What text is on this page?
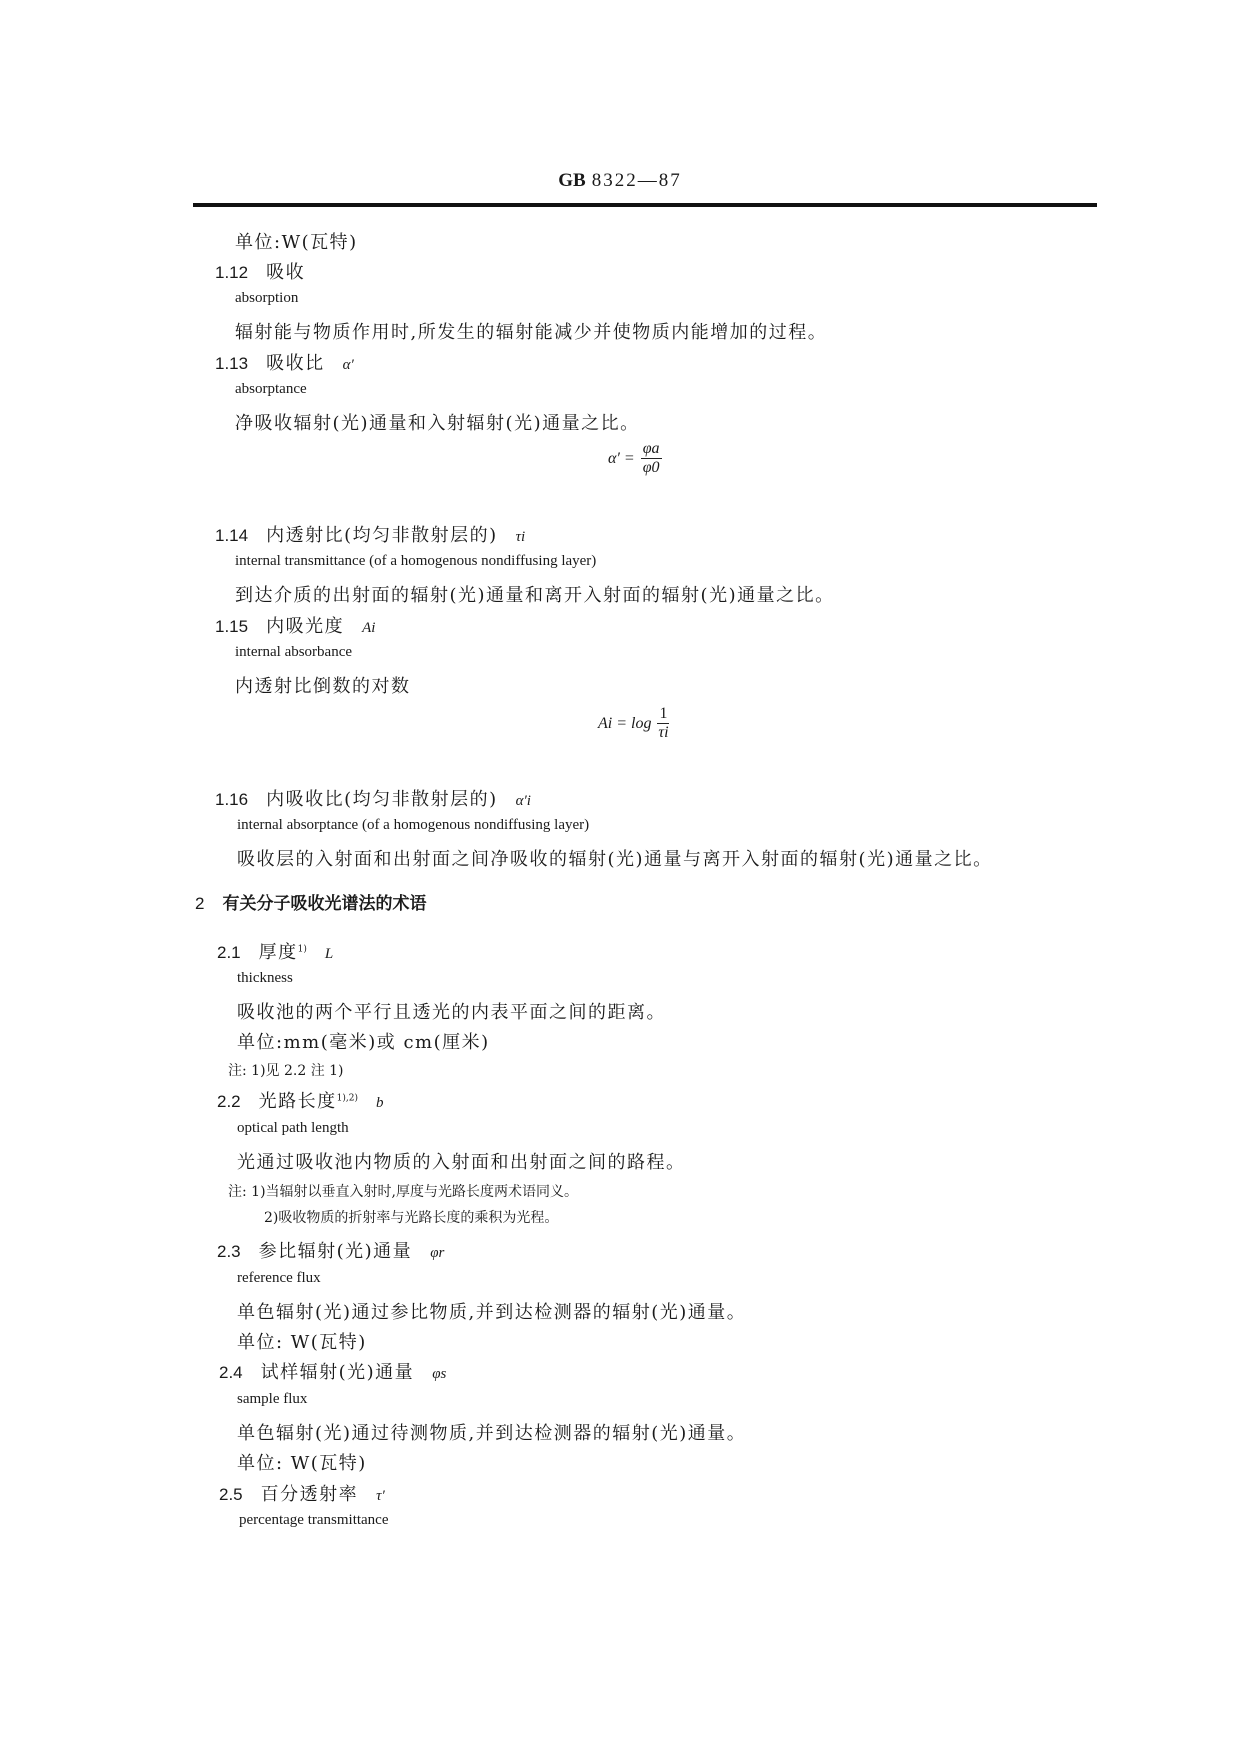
GB 8322—87
单位:W(瓦特)
1.12 吸收
absorption
辐射能与物质作用时,所发生的辐射能减少并使物质内能增加的过程。
1.13 吸收比 α′
absorptance
净吸收辐射(光)通量和入射辐射(光)通量之比。
$\alpha' = \frac{\varphi a}{\varphi 0}$
1.14 内透射比(均匀非散射层的) τi
internal transmittance (of a homogenous nondiffusing layer)
到达介质的出射面的辐射(光)通量和离开入射面的辐射(光)通量之比。
1.15 内吸光度 Ai
internal absorbance
内透射比倒数的对数
$Ai = \log \frac{1}{\tau i}$
1.16 内吸收比(均匀非散射层的) α′i
internal absorptance (of a homogenous nondiffusing layer)
吸收层的入射面和出射面之间净吸收的辐射(光)通量与离开入射面的辐射(光)通量之比。
2 有关分子吸收光谱法的术语
2.1 厚度$^{1)}$ L
thickness
吸收池的两个平行且透光的内表平面之间的距离。
单位:mm(毫米)或 cm(厘米)
注: 1)见 2.2 注 1)
2.2 光路长度$^{1),2)}$ b
optical path length
光通过吸收池内物质的入射面和出射面之间的路程。
注: 1)当辐射以垂直入射时,厚度与光路长度两术语同义。
2)吸收物质的折射率与光路长度的乘积为光程。
2.3 参比辐射(光)通量 φr
reference flux
单色辐射(光)通过参比物质,并到达检测器的辐射(光)通量。
单位: W(瓦特)
2.4 试样辐射(光)通量 φs
sample flux
单色辐射(光)通过待测物质,并到达检测器的辐射(光)通量。
单位: W(瓦特)
2.5 百分透射率 τ′
percentage transmittance
